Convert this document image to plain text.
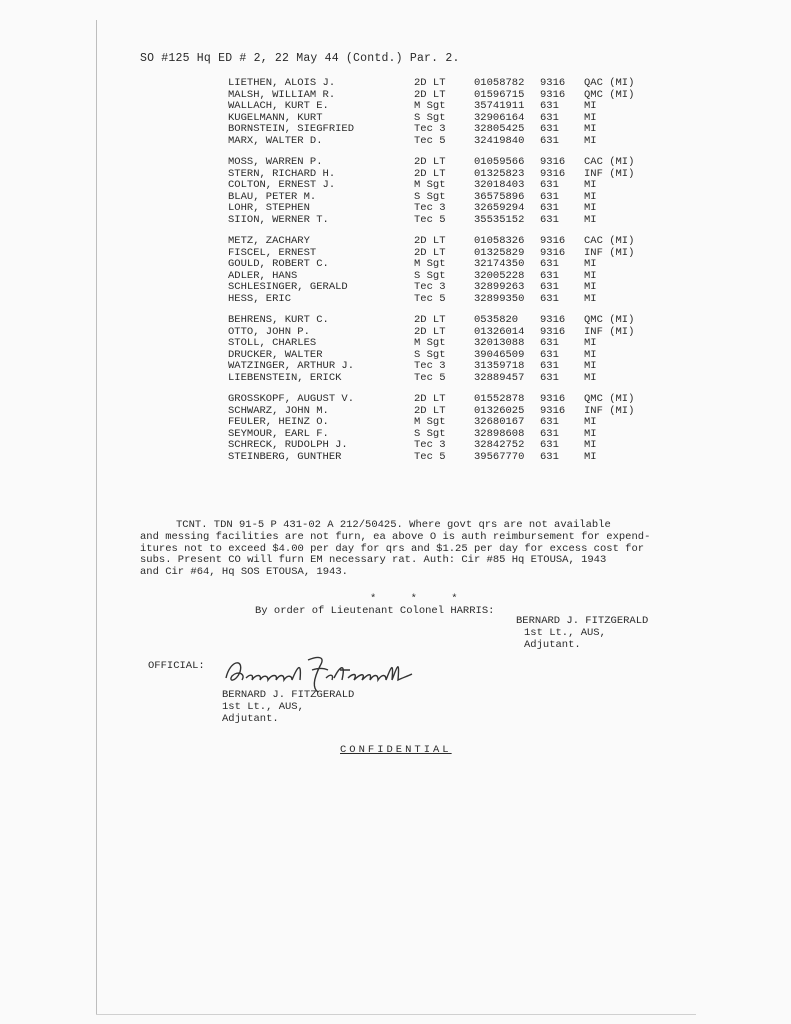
SO #125 Hq ED # 2, 22 May 44 (Contd.) Par. 2.
LIETHEN, ALOIS J.	2D LT	01058782 9316 QAC (MI)
MALSH, WILLIAM R.	2D LT	01596715 9316 QMC (MI)
WALLACH, KURT E.	M Sgt	35741911 631 MI
KUGELMANN, KURT	S Sgt	32906164 631 MI
BORNSTEIN, SIEGFRIED	Tec 3	32805425 631 MI
MARX, WALTER D.	Tec 5	32419840 631 MI
MOSS, WARREN P.	2D LT	01059566 9316 CAC (MI)
STERN, RICHARD H.	2D LT	01325823 9316 INF (MI)
COLTON, ERNEST J.	M Sgt	32018403 631 MI
BLAU, PETER M.	S Sgt	36575896 631 MI
LOHR, STEPHEN	Tec 3	32659294 631 MI
SIION, WERNER T.	Tec 5	35535152 631 MI
METZ, ZACHARY	2D LT	01058326 9316 CAC (MI)
FISCEL, ERNEST	2D LT	01325829 9316 INF (MI)
GOULD, ROBERT C.	M Sgt	32174350 631 MI
ADLER, HANS	S Sgt	32005228 631 MI
SCHLESINGER, GERALD	Tec 3	32899263 631 MI
HESS, ERIC	Tec 5	32899350 631 MI
BEHRENS, KURT C.	2D LT	0535820 9316 QMC (MI)
OTTO, JOHN P.	2D LT	01326014 9316 INF (MI)
STOLL, CHARLES	M Sgt	32013088 631 MI
DRUCKER, WALTER	S Sgt	39046509 631 MI
WATZINGER, ARTHUR J.	Tec 3	31359718 631 MI
LIEBENSTEIN, ERICK	Tec 5	32889457 631 MI
GROSSKOPF, AUGUST V.	2D LT	01552878 9316 QMC (MI)
SCHWARZ, JOHN M.	2D LT	01326025 9316 INF (MI)
FEULER, HEINZ O.	M Sgt	32680167 631 MI
SEYMOUR, EARL F.	S Sgt	32898608 631 MI
SCHRECK, RUDOLPH J.	Tec 3	32842752 631 MI
STEINBERG, GUNTHER	Tec 5	39567770 631 MI

TCNT. TDN 91-5 P 431-02 A 212/50425. Where govt qrs are not available

and messing facilities are not furn, ea above O is auth reimbursement for expend-

itures not to exceed $4.00 per day for qrs and $1.25 per day for excess cost for

subs. Present CO will furn EM necessary rat. Auth: Cir #85 Hq ETOUSA, 1943

and Cir #64, Hq SOS ETOUSA, 1943.

* * *
By order of Lieutenant Colonel HARRIS:
BERNARD J. FITZGERALD
1st Lt., AUS,
Adjutant.
OFFICIAL:
BERNARD J. FITZGERALD
1st Lt., AUS,
Adjutant.
CONFIDENTIAL
